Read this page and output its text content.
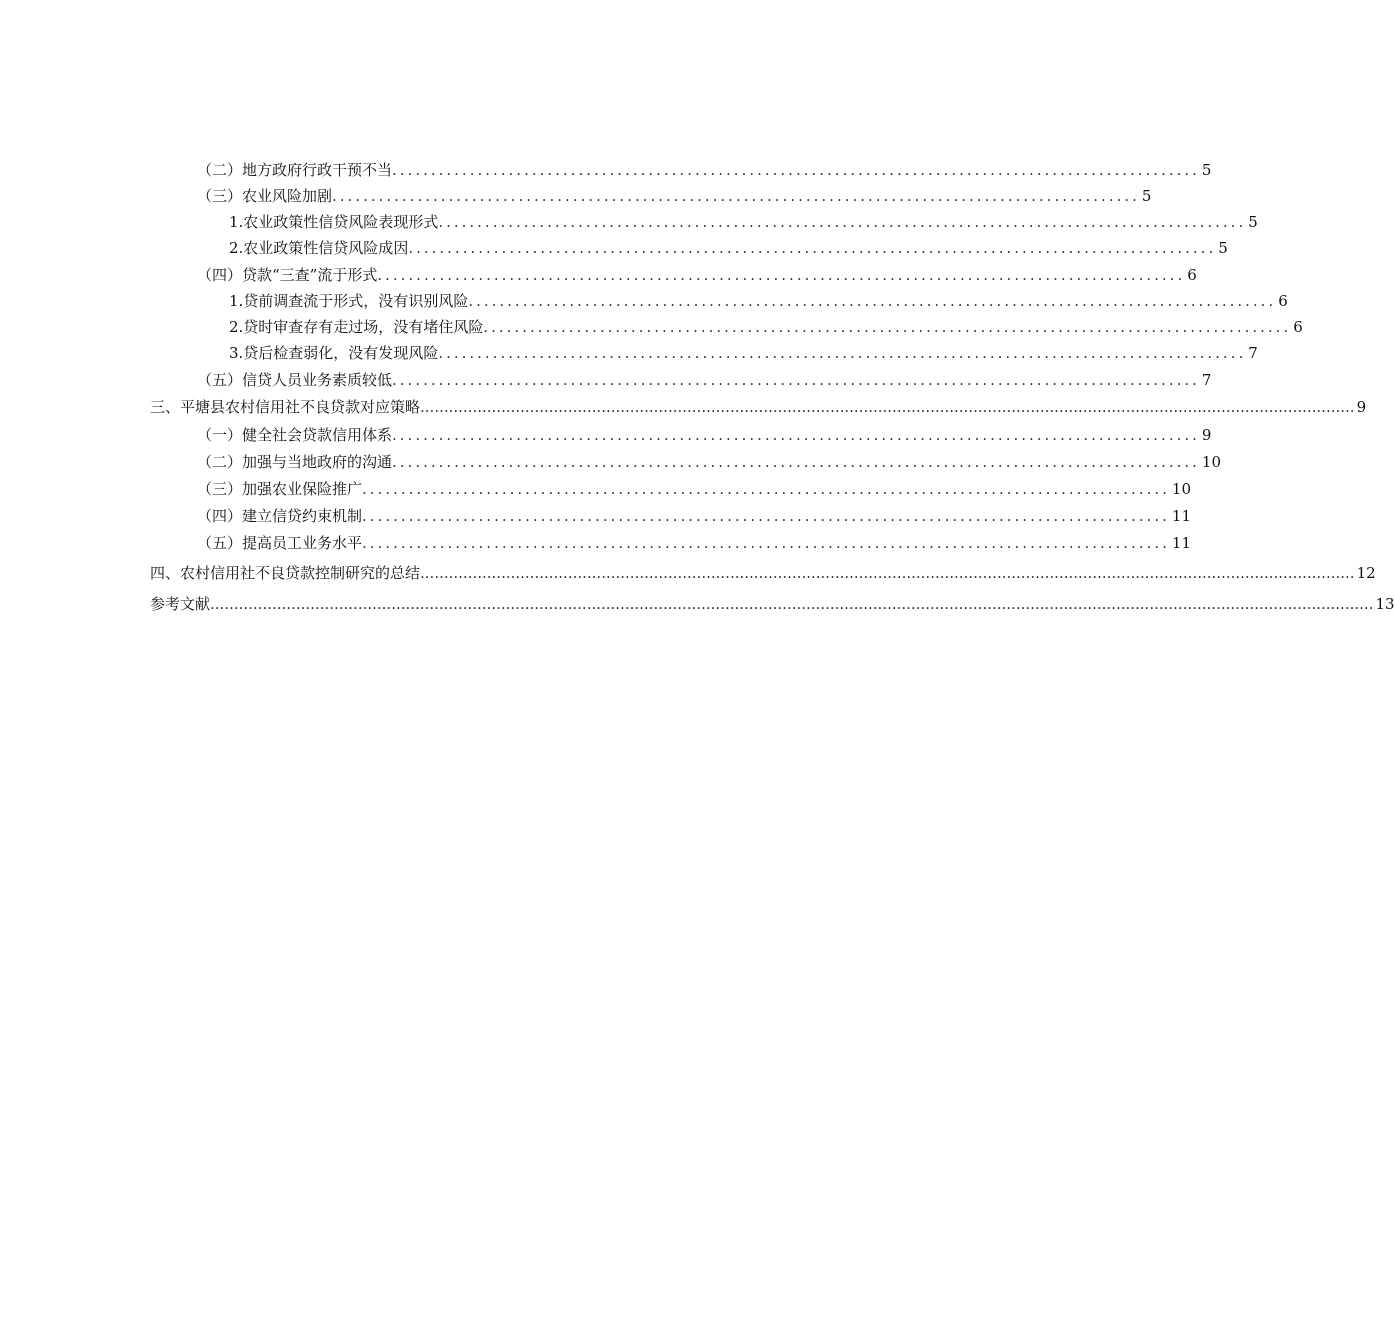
（二）地方政府行政干预不当 ........................................................................................................ 5
（三）农业风险加剧 ........................................................................................................ 5
1.农业政策性信贷风险表现形式 ........................................................................................................ 5
2.农业政策性信贷风险成因 ........................................................................................................ 5
（四）贷款“三查”流于形式 ........................................................................................................ 6
1.贷前调查流于形式，没有识别风险 ........................................................................................................ 6
2.贷时审查存有走过场，没有堵住风险 ........................................................................................................ 6
3.贷后检查弱化，没有发现风险 ........................................................................................................ 7
（五）信贷人员业务素质较低 ........................................................................................................ 7
三、平塘县农村信用社不良贷款对应策略 .................................................................................................................................................................................................... 9
（一）健全社会贷款信用体系 ........................................................................................................ 9
（二）加强与当地政府的沟通 ........................................................................................................ 10
（三）加强农业保险推广 ........................................................................................................ 10
（四）建立信贷约束机制 ........................................................................................................ 11
（五）提高员工业务水平 ........................................................................................................ 11
四、农村信用社不良贷款控制研究的总结 .................................................................................................................................................................................................... 12
参考文献 .................................................................................................................................................................................................................................................... 13
